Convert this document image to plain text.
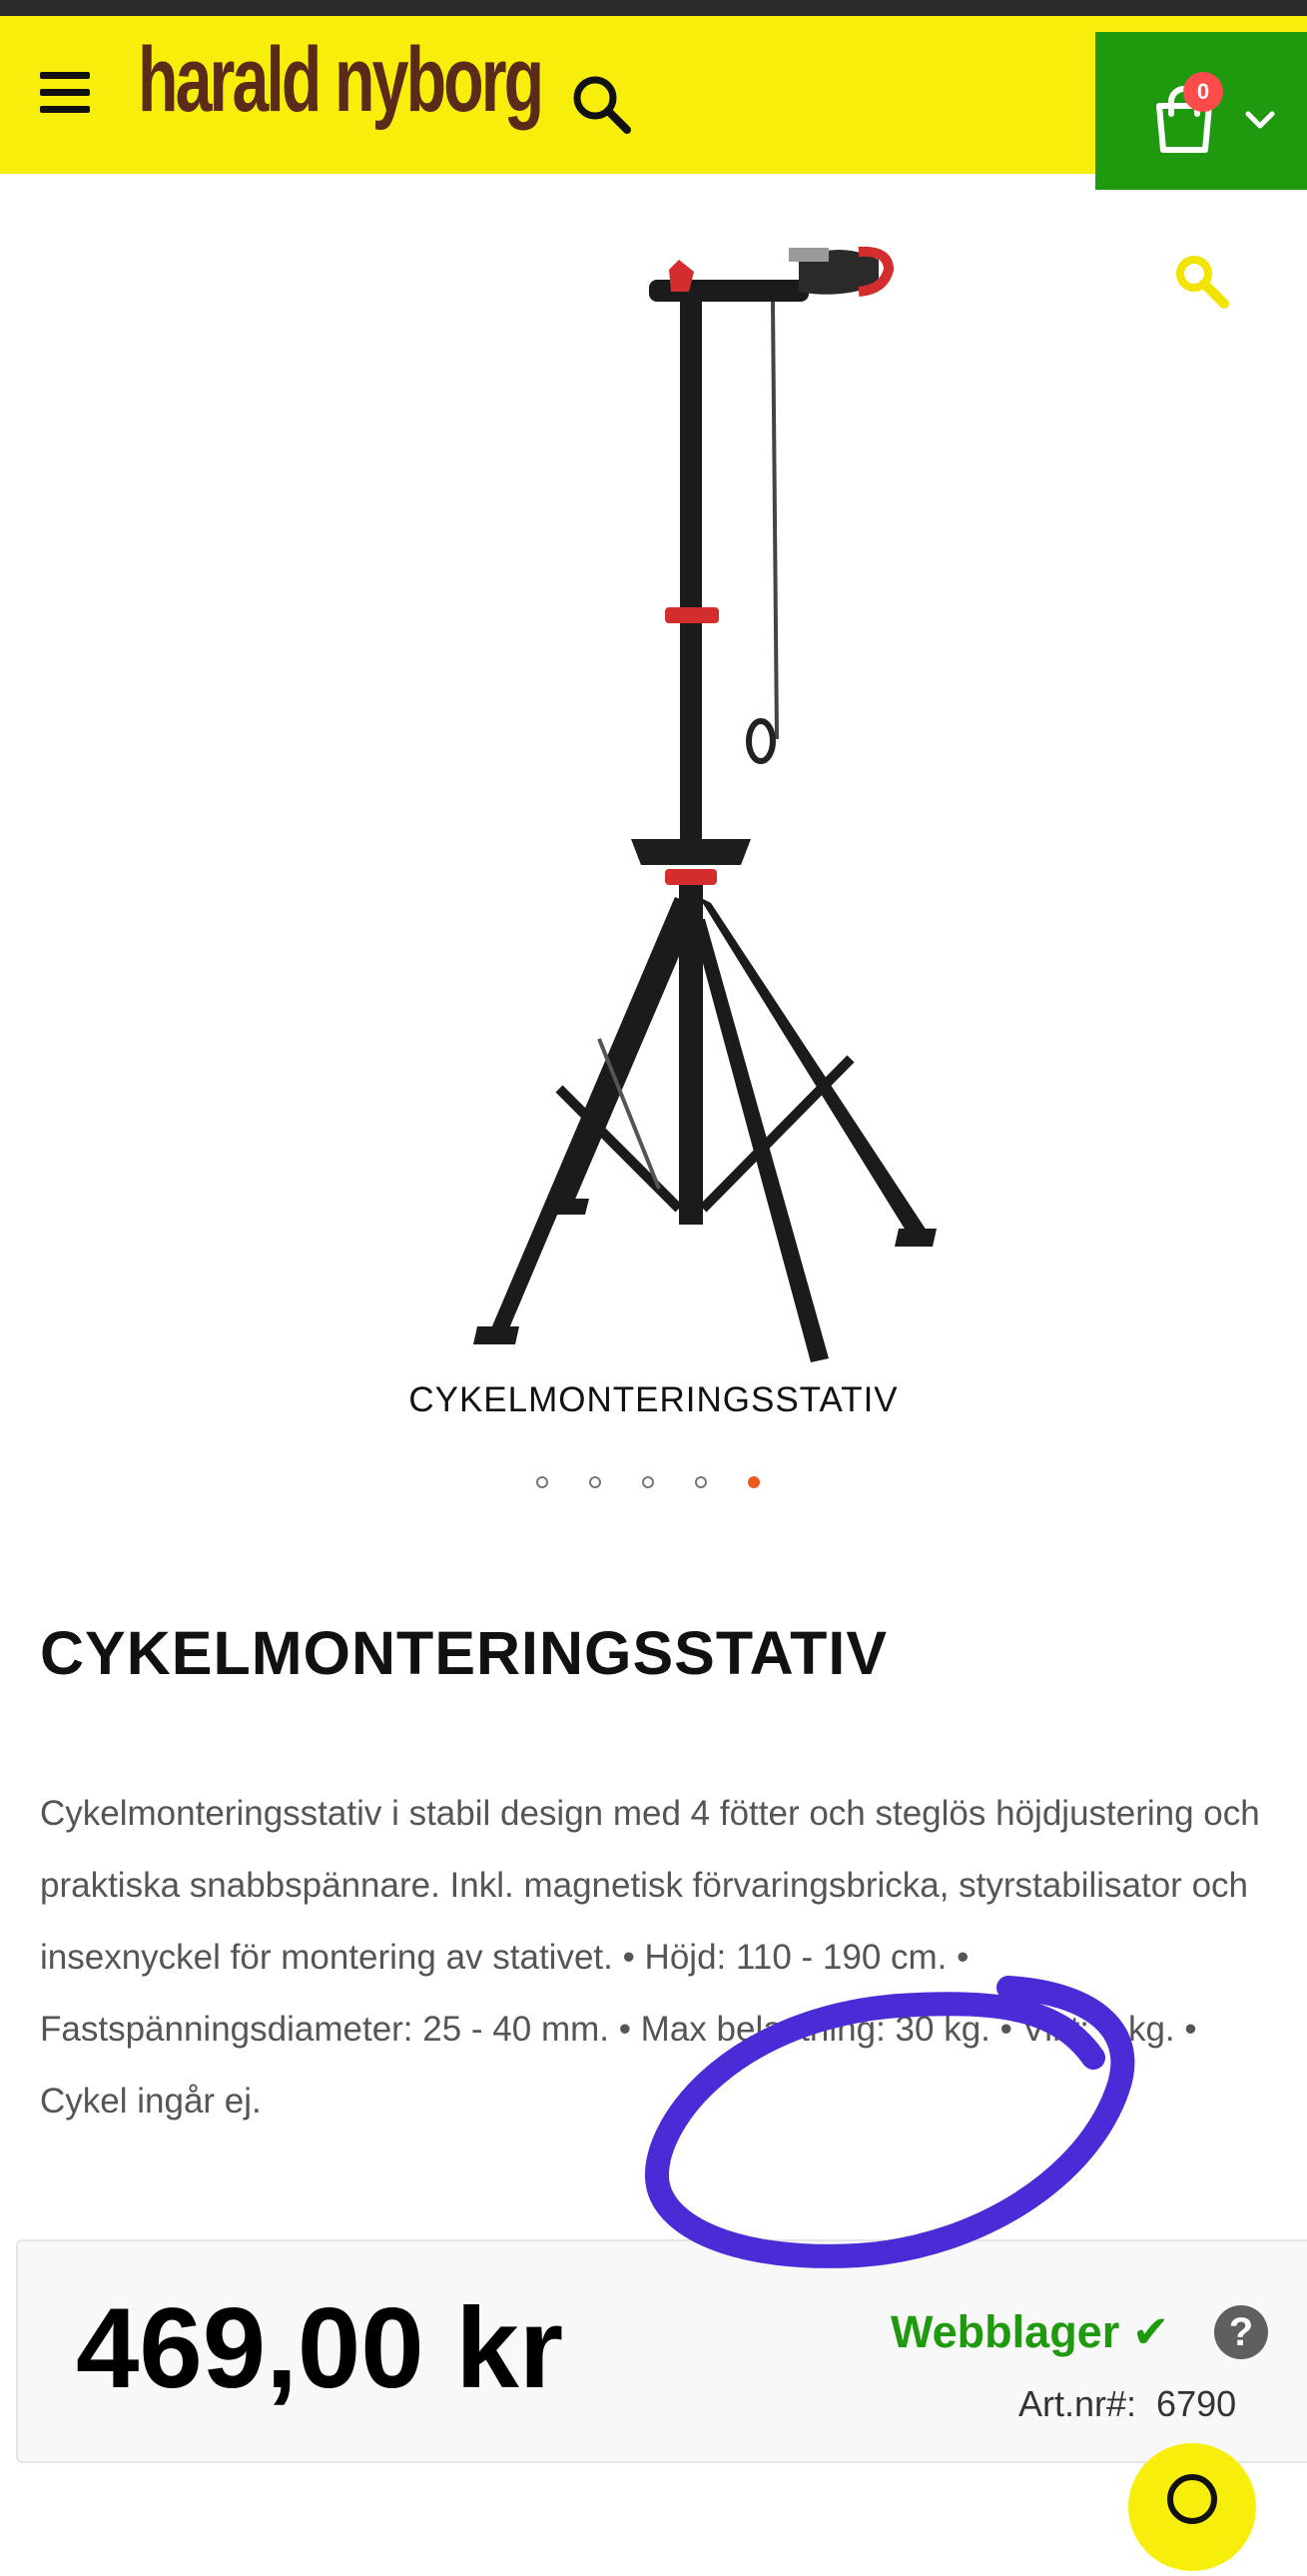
harald nyborg	0
CYKELMONTERINGSSTATIV
CYKELMONTERINGSSTATIV

Cykelmonteringsstativ i stabil design med 4 fötter och steglös höjdjustering och praktiska snabbspännare. Inkl. magnetisk förvaringsbricka, styrstabilisator och insexnyckel för montering av stativet. • Höjd: 110 - 190 cm. • Fastspänningsdiameter: 25 - 40 mm. • Max belastning: 30 kg. • Vikt: 7 kg. • Cykel ingår ej.

469,00 kr	Webblager ✔	?
Art.nr#: 6790
